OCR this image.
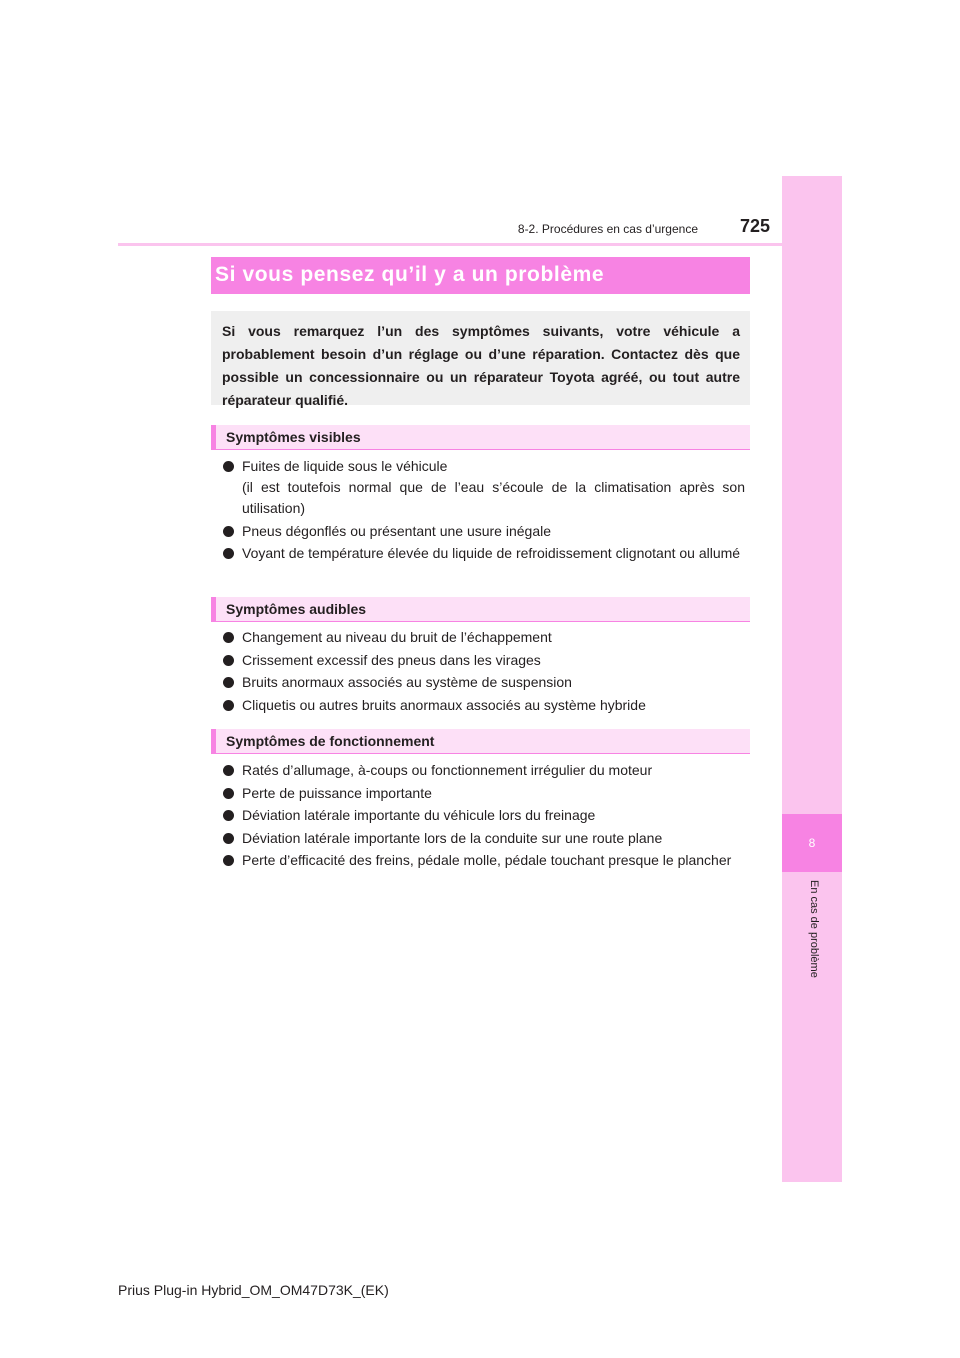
8
En cas de problème
8-2. Procédures en cas d’urgence 725
Si vous pensez qu’il y a un problème
Si vous remarquez l’un des symptômes suivants, votre véhicule a probablement besoin d’un réglage ou d’une réparation. Contactez dès que possible un concessionnaire ou un réparateur Toyota agréé, ou tout autre réparateur qualifié.
Symptômes visibles
Fuites de liquide sous le véhicule
(il est toutefois normal que de l’eau s’écoule de la climatisation après son utilisation)
Pneus dégonflés ou présentant une usure inégale
Voyant de température élevée du liquide de refroidissement clignotant ou allumé
Symptômes audibles
Changement au niveau du bruit de l’échappement
Crissement excessif des pneus dans les virages
Bruits anormaux associés au système de suspension
Cliquetis ou autres bruits anormaux associés au système hybride
Symptômes de fonctionnement
Ratés d’allumage, à-coups ou fonctionnement irrégulier du moteur
Perte de puissance importante
Déviation latérale importante du véhicule lors du freinage
Déviation latérale importante lors de la conduite sur une route plane
Perte d’efficacité des freins, pédale molle, pédale touchant presque le plancher
Prius Plug-in Hybrid_OM_OM47D73K_(EK)
